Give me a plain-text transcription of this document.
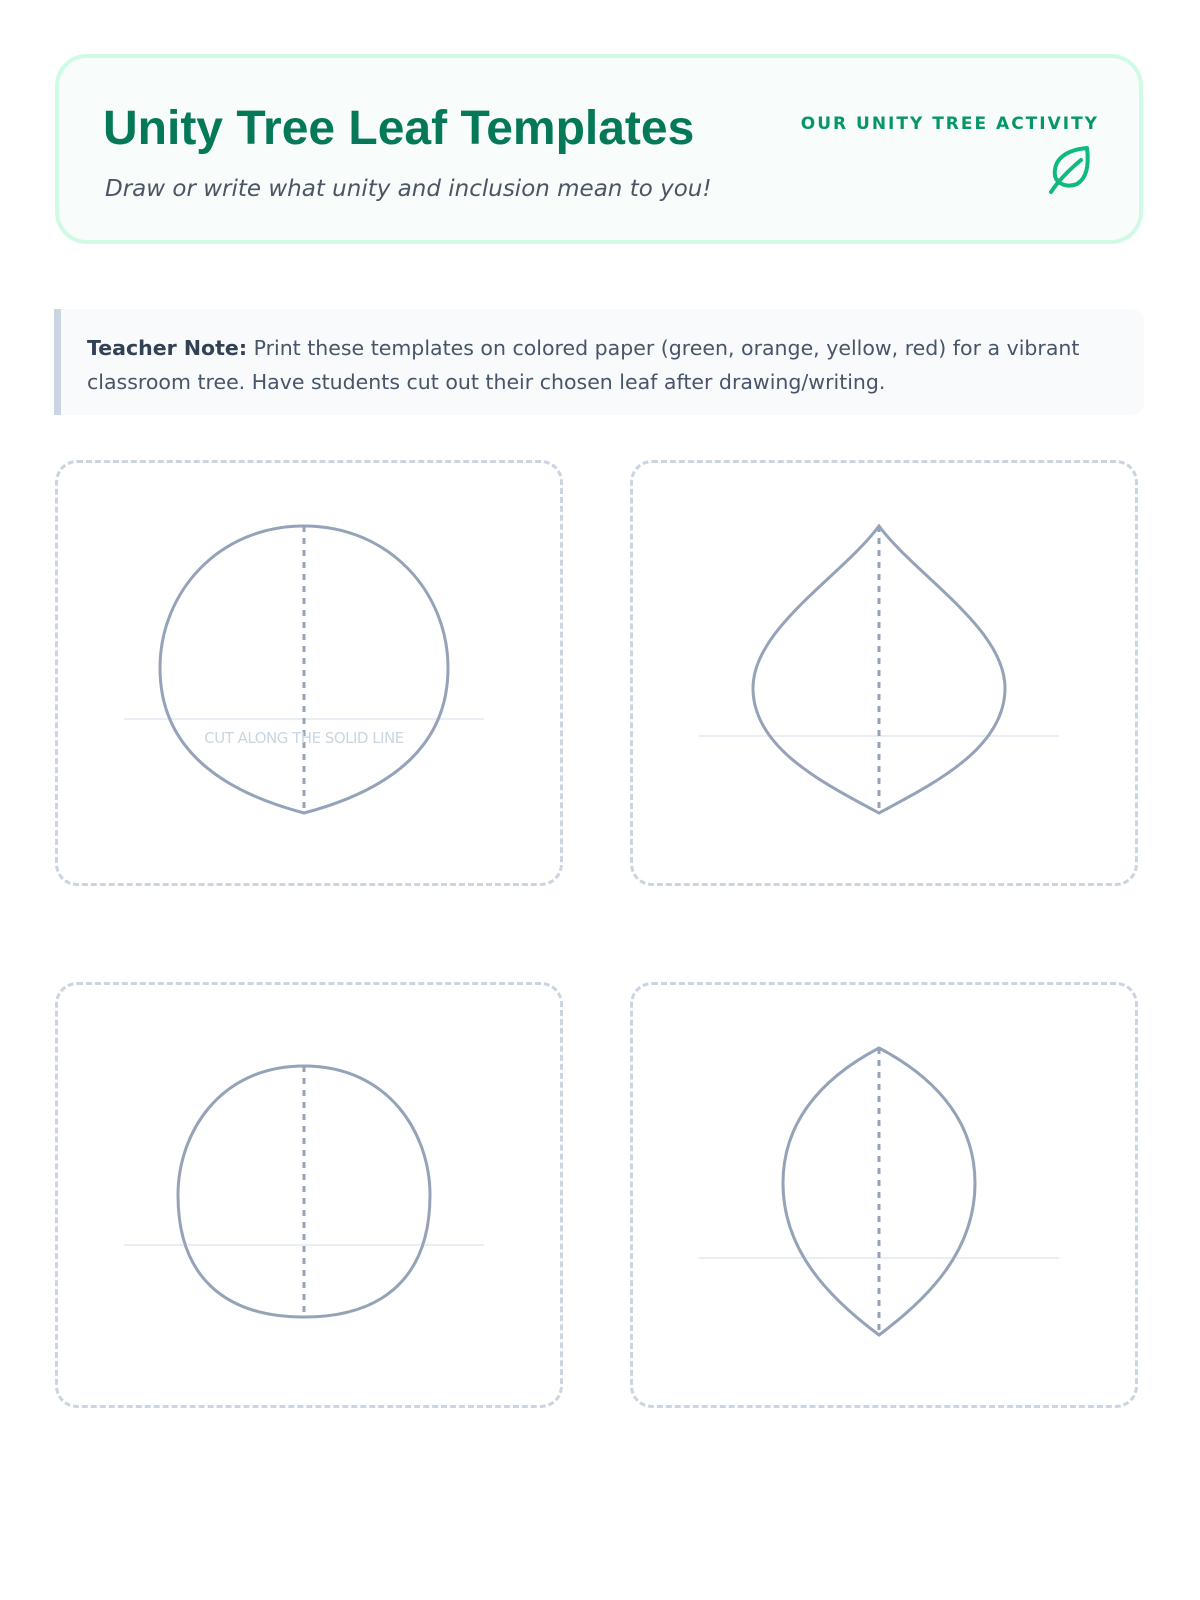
Unity Tree Leaf Templates

Draw or write what unity and inclusion mean to you!

OUR UNITY TREE ACTIVITY
Teacher Note: Print these templates on colored paper (green, orange, yellow, red) for a vibrant classroom tree. Have students cut out their chosen leaf after drawing/writing.
CUT ALONG THE SOLID LINE
